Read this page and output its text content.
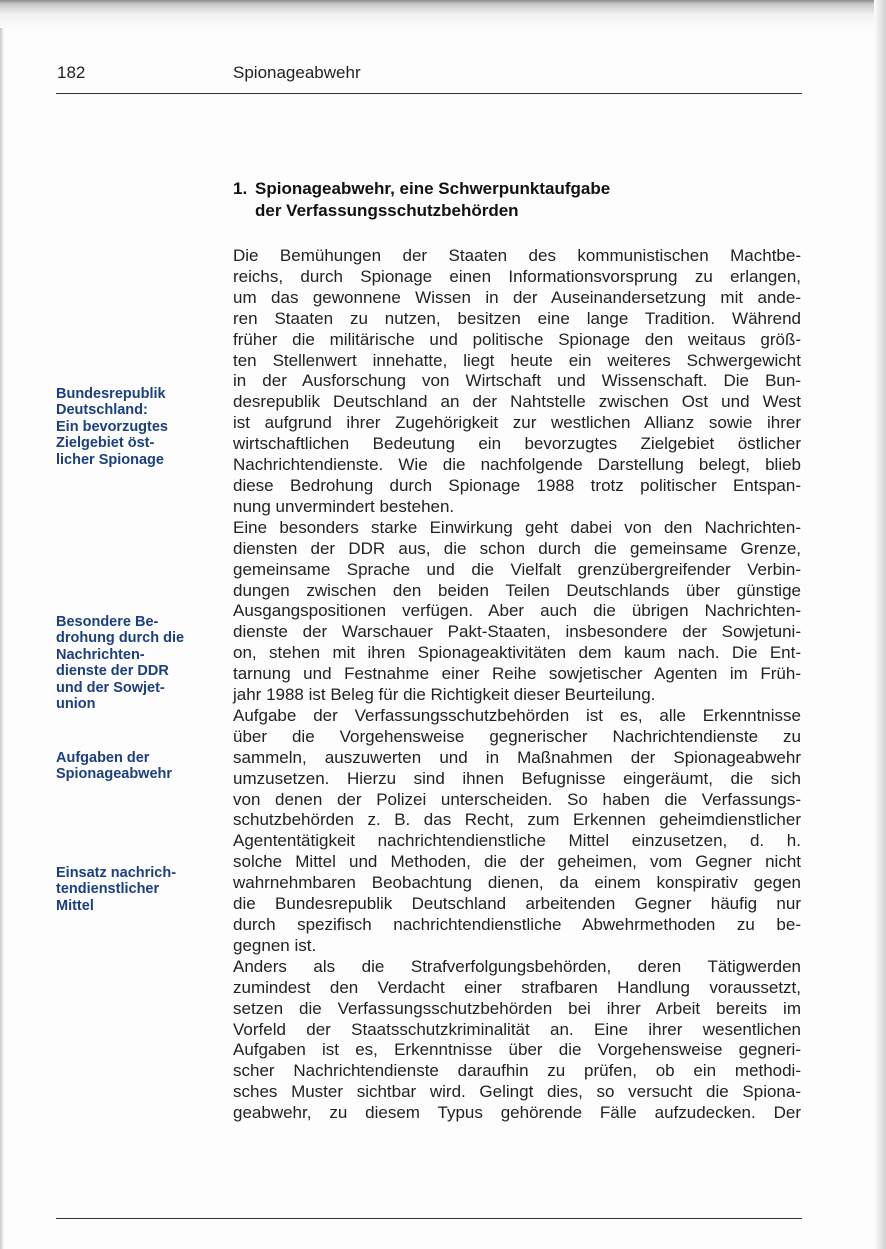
182	Spionageabwehr
1. Spionageabwehr, eine Schwerpunktaufgabe
der Verfassungsschutzbehörden
Bundesrepublik
Deutschland:
Ein bevorzugtes
Zielgebiet öst-
licher Spionage
Besondere Be-
drohung durch die
Nachrichten-
dienste der DDR
und der Sowjet-
union
Aufgaben der
Spionageabwehr
Einsatz nachrich-
tendienstlicher
Mittel

Die Bemühungen der Staaten des kommunistischen Machtbe-

reichs, durch Spionage einen Informationsvorsprung zu erlangen,

um das gewonnene Wissen in der Auseinandersetzung mit ande-

ren Staaten zu nutzen, besitzen eine lange Tradition. Während

früher die militärische und politische Spionage den weitaus größ-

ten Stellenwert innehatte, liegt heute ein weiteres Schwergewicht

in der Ausforschung von Wirtschaft und Wissenschaft. Die Bun-

desrepublik Deutschland an der Nahtstelle zwischen Ost und West

ist aufgrund ihrer Zugehörigkeit zur westlichen Allianz sowie ihrer

wirtschaftlichen Bedeutung ein bevorzugtes Zielgebiet östlicher

Nachrichtendienste. Wie die nachfolgende Darstellung belegt, blieb

diese Bedrohung durch Spionage 1988 trotz politischer Entspan-

nung unvermindert bestehen.

Eine besonders starke Einwirkung geht dabei von den Nachrichten-

diensten der DDR aus, die schon durch die gemeinsame Grenze,

gemeinsame Sprache und die Vielfalt grenzübergreifender Verbin-

dungen zwischen den beiden Teilen Deutschlands über günstige

Ausgangspositionen verfügen. Aber auch die übrigen Nachrichten-

dienste der Warschauer Pakt-Staaten, insbesondere der Sowjetuni-

on, stehen mit ihren Spionageaktivitäten dem kaum nach. Die Ent-

tarnung und Festnahme einer Reihe sowjetischer Agenten im Früh-

jahr 1988 ist Beleg für die Richtigkeit dieser Beurteilung.

Aufgabe der Verfassungsschutzbehörden ist es, alle Erkenntnisse

über die Vorgehensweise gegnerischer Nachrichtendienste zu

sammeln, auszuwerten und in Maßnahmen der Spionageabwehr

umzusetzen. Hierzu sind ihnen Befugnisse eingeräumt, die sich

von denen der Polizei unterscheiden. So haben die Verfassungs-

schutzbehörden z. B. das Recht, zum Erkennen geheimdienstlicher

Agententätigkeit nachrichtendienstliche Mittel einzusetzen, d. h.

solche Mittel und Methoden, die der geheimen, vom Gegner nicht

wahrnehmbaren Beobachtung dienen, da einem konspirativ gegen

die Bundesrepublik Deutschland arbeitenden Gegner häufig nur

durch spezifisch nachrichtendienstliche Abwehrmethoden zu be-

gegnen ist.

Anders als die Strafverfolgungsbehörden, deren Tätigwerden

zumindest den Verdacht einer strafbaren Handlung voraussetzt,

setzen die Verfassungsschutzbehörden bei ihrer Arbeit bereits im

Vorfeld der Staatsschutzkriminalität an. Eine ihrer wesentlichen

Aufgaben ist es, Erkenntnisse über die Vorgehensweise gegneri-

scher Nachrichtendienste daraufhin zu prüfen, ob ein methodi-

sches Muster sichtbar wird. Gelingt dies, so versucht die Spiona-

geabwehr, zu diesem Typus gehörende Fälle aufzudecken. Der
